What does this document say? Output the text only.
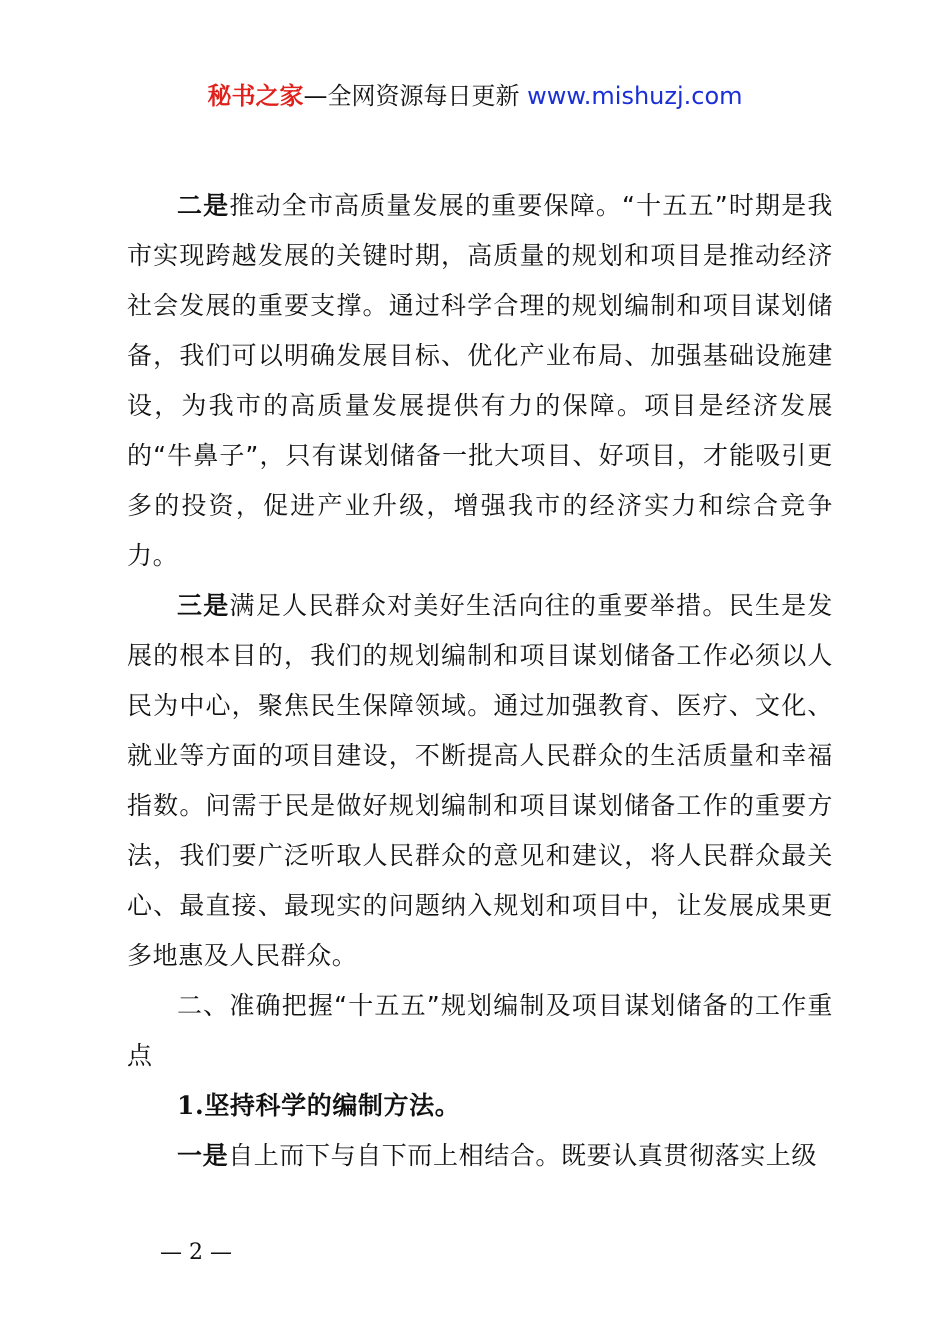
秘书之家—全网资源每日更新 www.mishuzj.com

二是推动全市高质量发展的重要保障。“十五五”时期是我市实现跨越发展的关键时期，高质量的规划和项目是推动经济社会发展的重要支撑。通过科学合理的规划编制和项目谋划储备，我们可以明确发展目标、优化产业布局、加强基础设施建设，为我市的高质量发展提供有力的保障。项目是经济发展的“牛鼻子”，只有谋划储备一批大项目、好项目，才能吸引更多的投资，促进产业升级，增强我市的经济实力和综合竞争力。

三是满足人民群众对美好生活向往的重要举措。民生是发展的根本目的，我们的规划编制和项目谋划储备工作必须以人民为中心，聚焦民生保障领域。通过加强教育、医疗、文化、就业等方面的项目建设，不断提高人民群众的生活质量和幸福指数。问需于民是做好规划编制和项目谋划储备工作的重要方法，我们要广泛听取人民群众的意见和建议，将人民群众最关心、最直接、最现实的问题纳入规划和项目中，让发展成果更多地惠及人民群众。

二、准确把握“十五五”规划编制及项目谋划储备的工作重点

1.坚持科学的编制方法。

一是自上而下与自下而上相结合。既要认真贯彻落实上级

— 2 —
